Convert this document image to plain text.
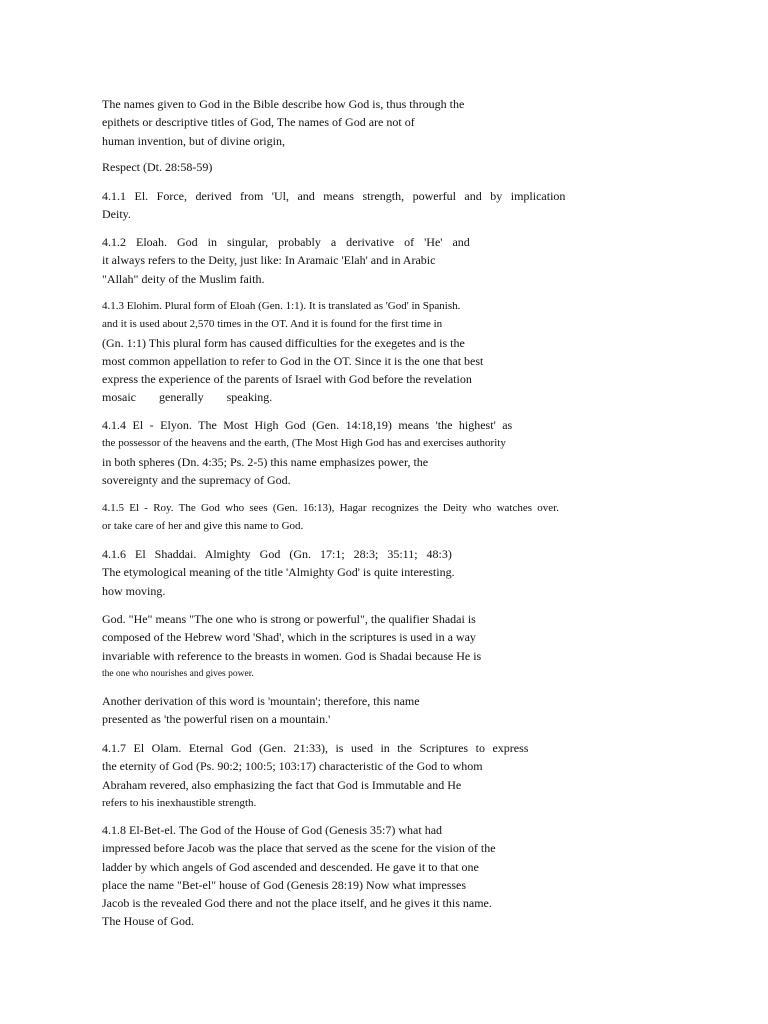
The names given to God in the Bible describe how God is, thus through the
epithets or descriptive titles of God, The names of God are not of
human invention, but of divine origin,
Respect (Dt. 28:58-59)
4.1.1 El. Force, derived from 'Ul, and means strength, powerful and by implication
Deity.
4.1.2 Eloah. God in singular, probably a derivative of 'He' and
it always refers to the Deity, just like: In Aramaic 'Elah' and in Arabic
"Allah" deity of the Muslim faith.
4.1.3 Elohim. Plural form of Eloah (Gen. 1:1). It is translated as 'God' in Spanish.
and it is used about 2,570 times in the OT. And it is found for the first time in
(Gn. 1:1) This plural form has caused difficulties for the exegetes and is the
most common appellation to refer to God in the OT. Since it is the one that best
express the experience of the parents of Israel with God before the revelation
mosaic generally speaking.
4.1.4 El - Elyon. The Most High God (Gen. 14:18,19) means 'the highest' as
the possessor of the heavens and the earth, (The Most High God has and exercises authority
in both spheres (Dn. 4:35; Ps. 2-5) this name emphasizes power, the
sovereignty and the supremacy of God.
4.1.5 El - Roy. The God who sees (Gen. 16:13), Hagar recognizes the Deity who watches over.
or take care of her and give this name to God.
4.1.6 El Shaddai. Almighty God (Gn. 17:1; 28:3; 35:11; 48:3)
The etymological meaning of the title 'Almighty God' is quite interesting.
how moving.
God. "He" means "The one who is strong or powerful", the qualifier Shadai is
composed of the Hebrew word 'Shad', which in the scriptures is used in a way
invariable with reference to the breasts in women. God is Shadai because He is
the one who nourishes and gives power.
Another derivation of this word is 'mountain'; therefore, this name
presented as 'the powerful risen on a mountain.'
4.1.7 El Olam. Eternal God (Gen. 21:33), is used in the Scriptures to express
the eternity of God (Ps. 90:2; 100:5; 103:17) characteristic of the God to whom
Abraham revered, also emphasizing the fact that God is Immutable and He
refers to his inexhaustible strength.
4.1.8 El-Bet-el. The God of the House of God (Genesis 35:7) what had
impressed before Jacob was the place that served as the scene for the vision of the
ladder by which angels of God ascended and descended. He gave it to that one
place the name "Bet-el" house of God (Genesis 28:19) Now what impresses
Jacob is the revealed God there and not the place itself, and he gives it this name.
The House of God.
